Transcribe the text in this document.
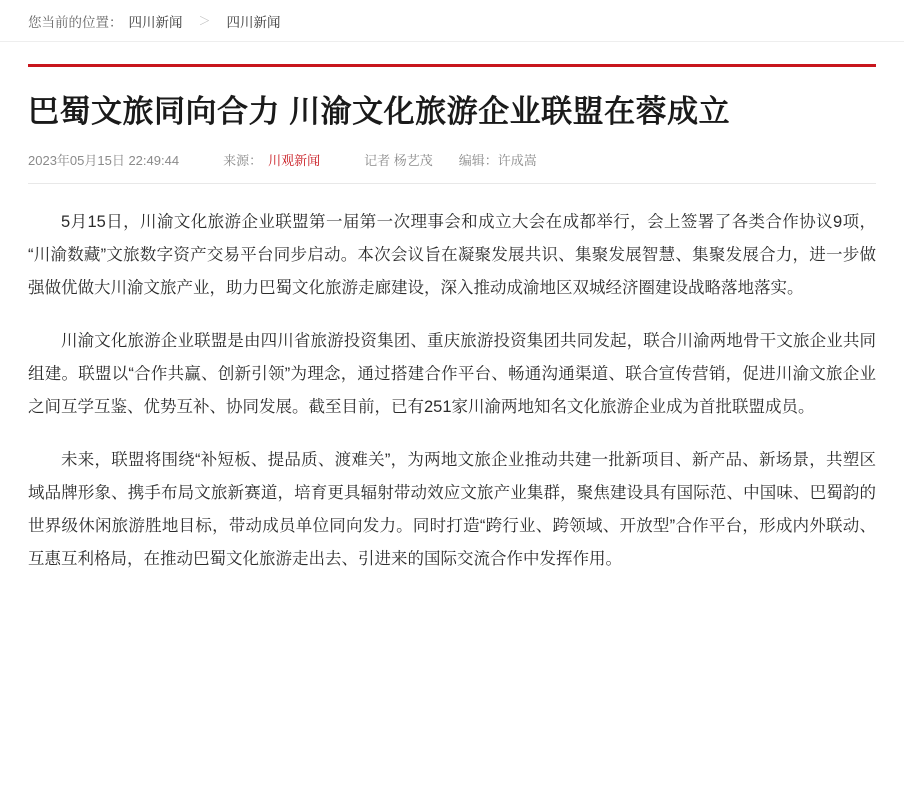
您当前的位置： 四川新闻 ＞ 四川新闻
巴蜀文旅同向合力 川渝文化旅游企业联盟在蓉成立
2023年05月15日 22:49:44	来源： 川观新闻	记者 杨艺茂 编辑：许成嵩

5月15日，川渝文化旅游企业联盟第一届第一次理事会和成立大会在成都举行，会上签署了各类合作协议9项，“川渝数藏”文旅数字资产交易平台同步启动。本次会议旨在凝聚发展共识、集聚发展智慧、集聚发展合力，进一步做强做优做大川渝文旅产业，助力巴蜀文化旅游走廊建设，深入推动成渝地区双城经济圈建设战略落地落实。

川渝文化旅游企业联盟是由四川省旅游投资集团、重庆旅游投资集团共同发起，联合川渝两地骨干文旅企业共同组建。联盟以“合作共赢、创新引领”为理念，通过搭建合作平台、畅通沟通渠道、联合宣传营销，促进川渝文旅企业之间互学互鉴、优势互补、协同发展。截至目前，已有251家川渝两地知名文化旅游企业成为首批联盟成员。

未来，联盟将围绕“补短板、提品质、渡难关”，为两地文旅企业推动共建一批新项目、新产品、新场景，共塑区域品牌形象、携手布局文旅新赛道，培育更具辐射带动效应文旅产业集群，聚焦建设具有国际范、中国味、巴蜀韵的世界级休闲旅游胜地目标，带动成员单位同向发力。同时打造“跨行业、跨领域、开放型”合作平台，形成内外联动、互惠互利格局，在推动巴蜀文化旅游走出去、引进来的国际交流合作中发挥作用。
